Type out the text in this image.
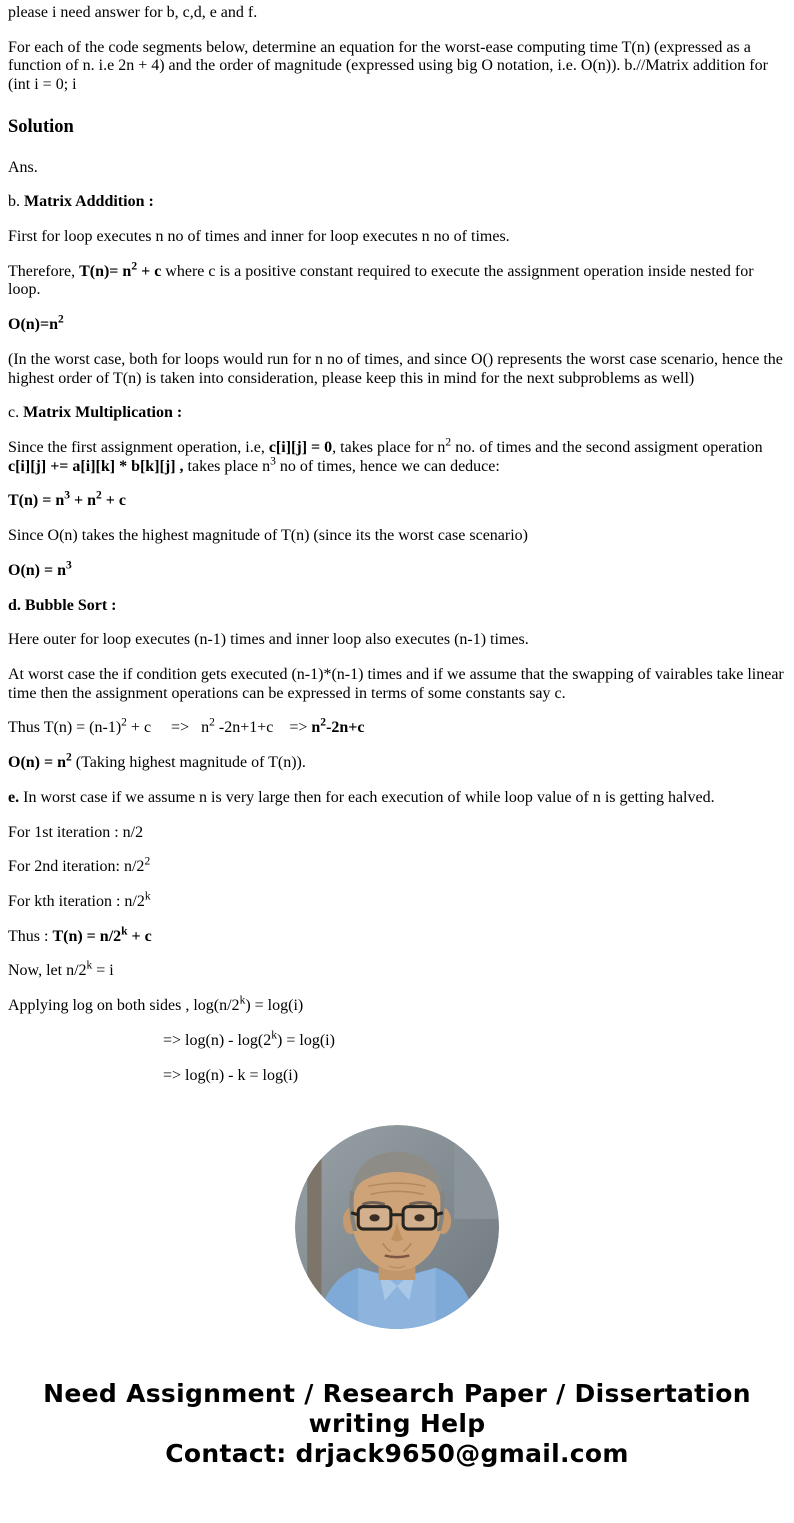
please i need answer for b, c,d, e and f.

For each of the code segments below, determine an equation for the worst-ease computing time T(n) (expressed as a function of n. i.e 2n + 4) and the order of magnitude (expressed using big O notation, i.e. O(n)). b.//Matrix addition for (int i = 0; i

Solution

Ans.

b. Matrix Adddition :

First for loop executes n no of times and inner for loop executes n no of times.

Therefore, $T(n)= n^2 + c$ where c is a positive constant required to execute the assignment operation inside nested for loop.

$O(n)=n^2$

(In the worst case, both for loops would run for n no of times, and since O() represents the worst case scenario, hence the highest order of T(n) is taken into consideration, please keep this in mind for the next subproblems as well)

c. Matrix Multiplication :

Since the first assignment operation, i.e, c[i][j] = 0, takes place for $n^2$ no. of times and the second assigment operation c[i][j] += a[i][k] * b[k][j] , takes place $n^3$ no of times, hence we can deduce:

$T(n) = n^3 + n^2 + c$

Since O(n) takes the highest magnitude of T(n) (since its the worst case scenario)

$O(n) = n^3$

d. Bubble Sort :

Here outer for loop executes (n-1) times and inner loop also executes (n-1) times.

At worst case the if condition gets executed (n-1)*(n-1) times and if we assume that the swapping of vairables take linear time then the assignment operations can be expressed in terms of some constants say c.

Thus $T(n) = (n-1)^2 + c$     =>   $n^2$ -2n+1+c    => $n^2-2n+c$

$O(n) = n^2$ (Taking highest magnitude of T(n)).

e. In worst case if we assume n is very large then for each execution of while loop value of n is getting halved.

For 1st iteration : n/2

For 2nd iteration: $n/2^2$

For kth iteration : n/2$^k$

Thus : $T(n) = n/2^k + c$

Now, let $n/2^k = i$

Applying log on both sides , $\log(n/2^k) = \log(i)$

=> $\log(n) - \log(2^k) = \log(i)$

=> log(n) - k = log(i)

Need Assignment / Research Paper / Dissertation
writing Help
Contact: drjack9650@gmail.com
